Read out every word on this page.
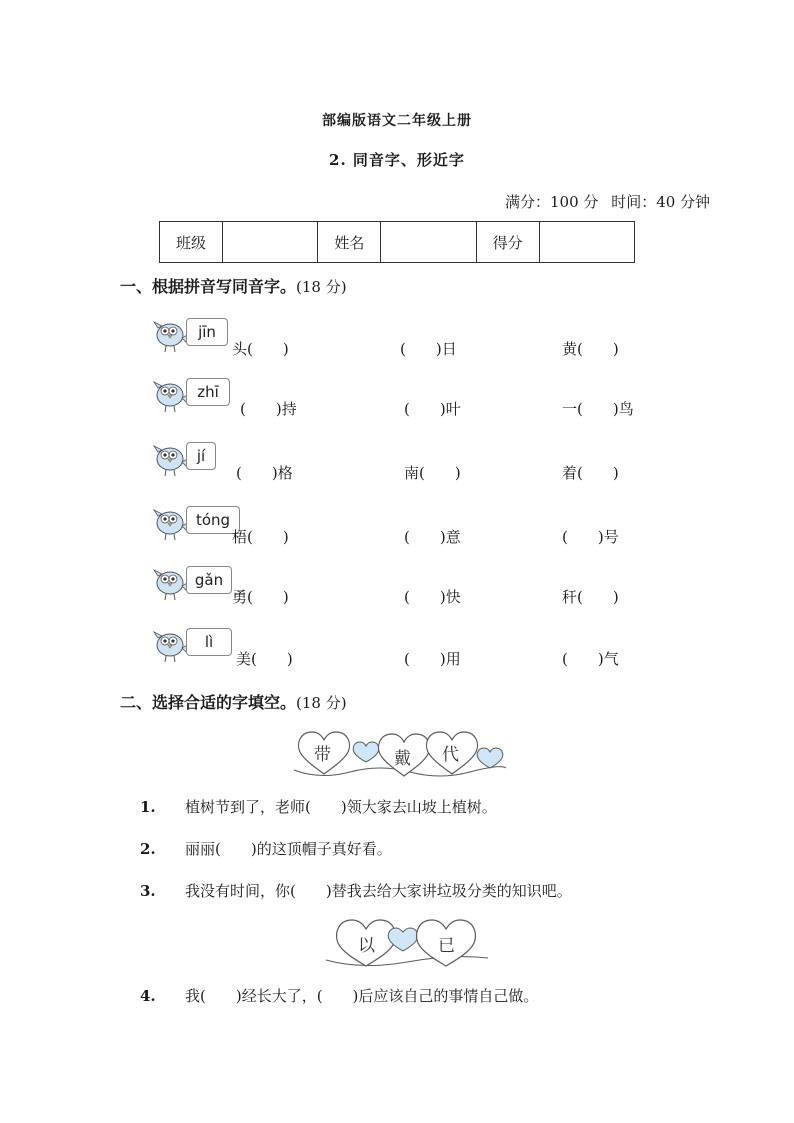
部编版语文二年级上册
2. 同音字、形近字
满分：100 分 时间：40 分钟
班级		姓名		得分	
一、根据拼音写同音字。(18 分)
jīn
头(　　)	(　　)日	黄(　　)
zhī
(　　)持	(　　)叶	一(　　)鸟
jí
(　　)格	南(　　)	着(　　)
tóng
梧(　　)	(　　)意	(　　)号
gǎn
勇(　　)	(　　)快	秆(　　)
lì
美(　　)	(　　)用	(　　)气
二、选择合适的字填空。(18 分)
带	戴 代
1. 植树节到了，老师(　　)领大家去山坡上植树。
2. 丽丽(　　)的这顶帽子真好看。
3. 我没有时间，你(　　)替我去给大家讲垃圾分类的知识吧。
以	已
4. 我(　　)经长大了，(　　)后应该自己的事情自己做。
